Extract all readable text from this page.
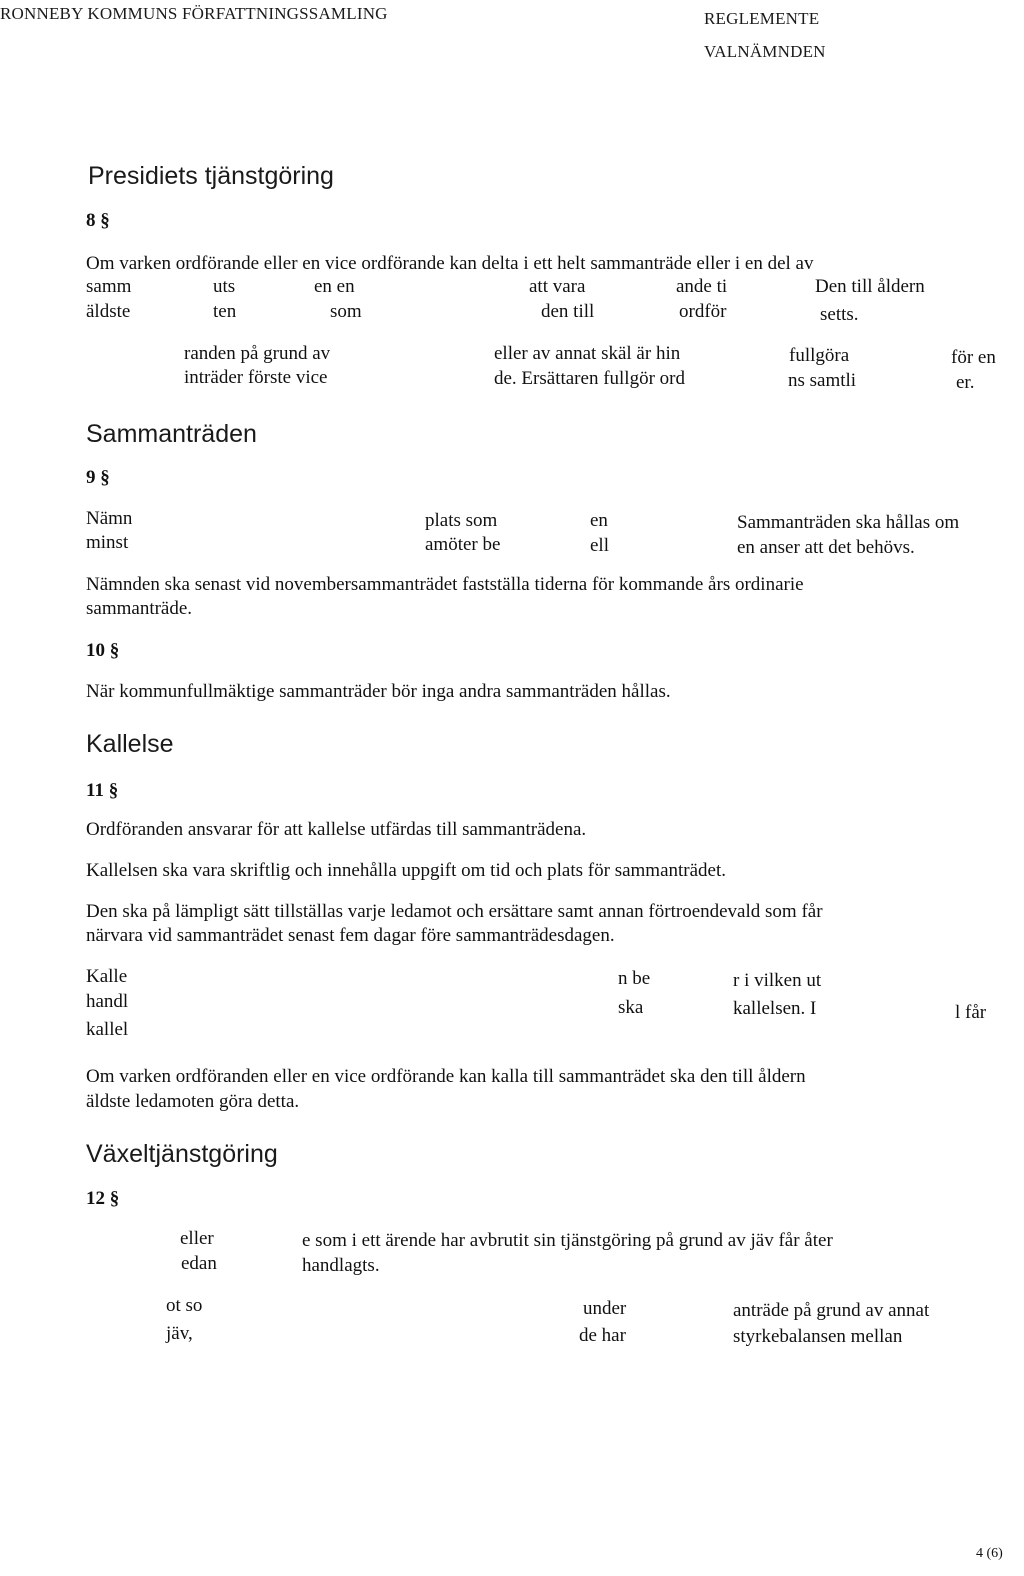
RONNEBY KOMMUNS FÖRFATTNINGSSAMLING	REGLEMENTE
VALNÄMNDEN
Presidiets tjänstgöring
8 §
Om varken ordförande eller en vice ordförande kan delta i ett helt sammanträde eller i en del av
samm	uts	en en	att vara	ande ti	Den till åldern
äldste	ten	som	den till	ordför	setts.
randen på grund av	eller av annat skäl är hin	fullgöra	för en
inträder förste vice	de. Ersättaren fullgör ord	ns samtli	er.
Sammanträden
9 §
Nämn	plats som	en	Sammanträden ska hållas om
minst	amöter be	ell	en anser att det behövs.
Nämnden ska senast vid novembersammanträdet fastställa tiderna för kommande års ordinarie
sammanträde.
10 §
När kommunfullmäktige sammanträder bör inga andra sammanträden hållas.
Kallelse
11 §
Ordföranden ansvarar för att kallelse utfärdas till sammanträdena.
Kallelsen ska vara skriftlig och innehålla uppgift om tid och plats för sammanträdet.
Den ska på lämpligt sätt tillställas varje ledamot och ersättare samt annan förtroendevald som får
närvara vid sammanträdet senast fem dagar före sammanträdesdagen.
Kalle	n be	r i vilken ut
handl	ska	kallelsen. I	l får
kallel
Om varken ordföranden eller en vice ordförande kan kalla till sammanträdet ska den till åldern
äldste ledamoten göra detta.
Växeltjänstgöring
12 §
eller	e som i ett ärende har avbrutit sin tjänstgöring på grund av jäv får åter
edan	handlagts.
ot so	under	anträde på grund av annat
jäv,	de har	styrkebalansen mellan
4 (6)
